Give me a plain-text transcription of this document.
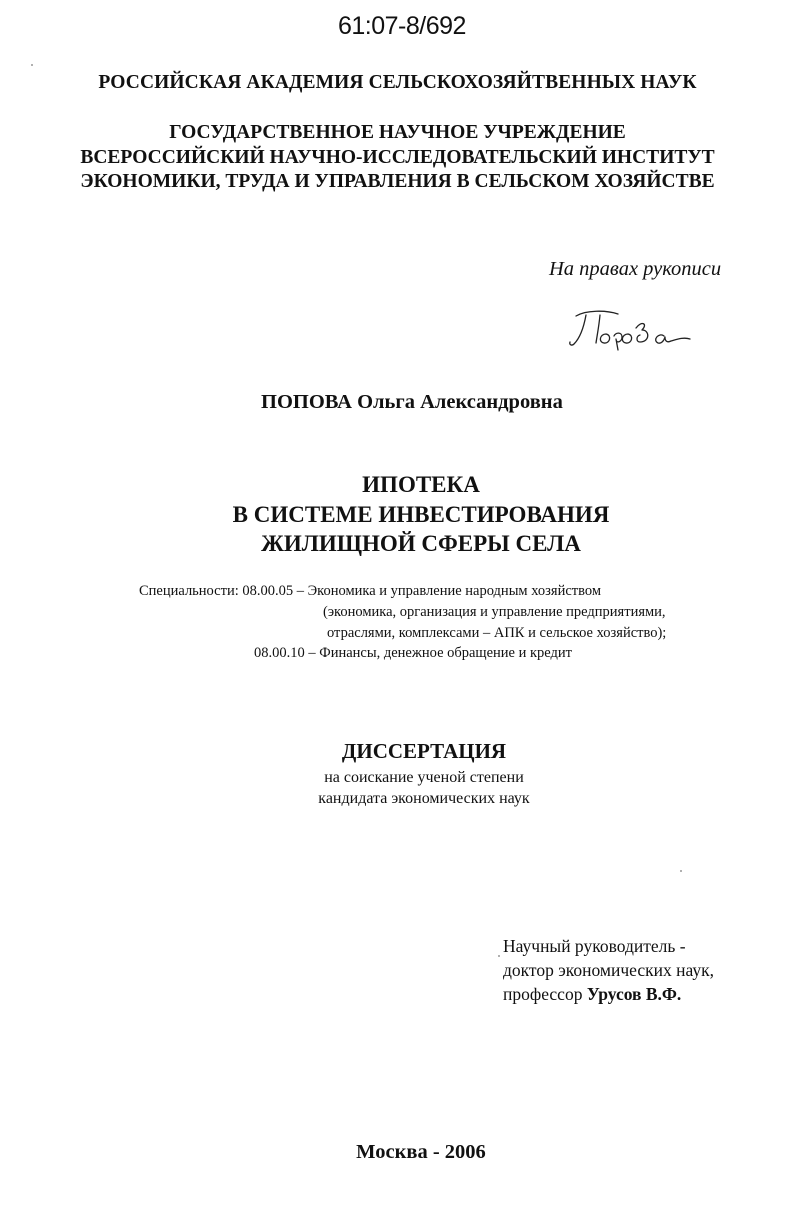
61:07-8/692
РОССИЙСКАЯ АКАДЕМИЯ СЕЛЬСКОХОЗЯЙТВЕННЫХ НАУК
ГОСУДАРСТВЕННОЕ НАУЧНОЕ УЧРЕЖДЕНИЕ
ВСЕРОССИЙСКИЙ НАУЧНО-ИССЛЕДОВАТЕЛЬСКИЙ ИНСТИТУТ
ЭКОНОМИКИ, ТРУДА И УПРАВЛЕНИЯ В СЕЛЬСКОМ ХОЗЯЙСТВЕ
На правах рукописи
ПОПОВА Ольга Александровна
ИПОТЕКА
В СИСТЕМЕ ИНВЕСТИРОВАНИЯ
ЖИЛИЩНОЙ СФЕРЫ СЕЛА
Специальности: 08.00.05 – Экономика и управление народным хозяйством
(экономика, организация и управление предприятиями,
отраслями, комплексами – АПК и сельское хозяйство);
08.00.10 – Финансы, денежное обращение и кредит
ДИССЕРТАЦИЯ
на соискание ученой степени
кандидата экономических наук
Научный руководитель -
доктор экономических наук,
профессор Урусов В.Ф.
Москва - 2006
